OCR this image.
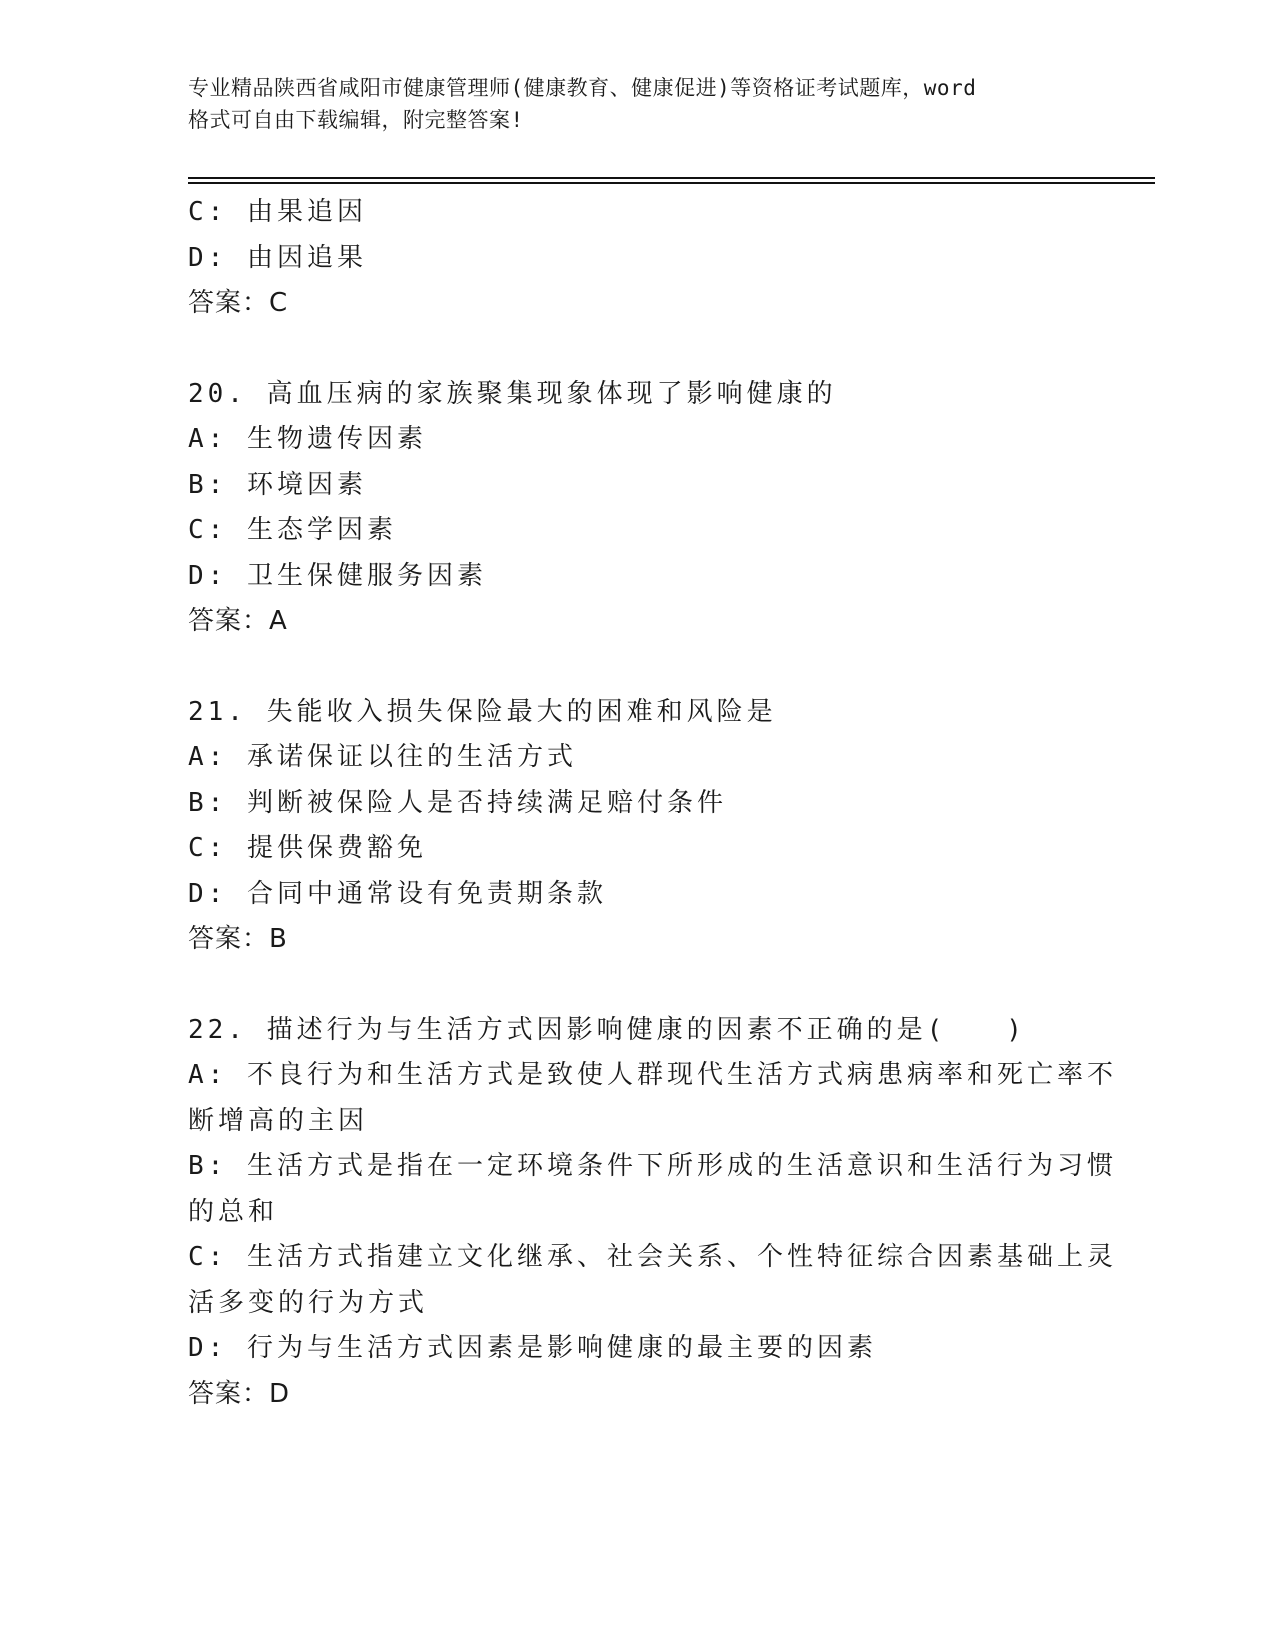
专业精品陕西省咸阳市健康管理师(健康教育、健康促进)等资格证考试题库，word
格式可自由下载编辑，附完整答案!
C: 由果追因
D: 由因追果
答案：C
20. 高血压病的家族聚集现象体现了影响健康的
A: 生物遗传因素
B: 环境因素
C: 生态学因素
D: 卫生保健服务因素
答案：A
21. 失能收入损失保险最大的困难和风险是
A: 承诺保证以往的生活方式
B: 判断被保险人是否持续满足赔付条件
C: 提供保费豁免
D: 合同中通常设有免责期条款
答案：B
22. 描述行为与生活方式因影响健康的因素不正确的是(　　)
A: 不良行为和生活方式是致使人群现代生活方式病患病率和死亡率不
断增高的主因
B: 生活方式是指在一定环境条件下所形成的生活意识和生活行为习惯
的总和
C: 生活方式指建立文化继承、社会关系、个性特征综合因素基础上灵
活多变的行为方式
D: 行为与生活方式因素是影响健康的最主要的因素
答案：D
